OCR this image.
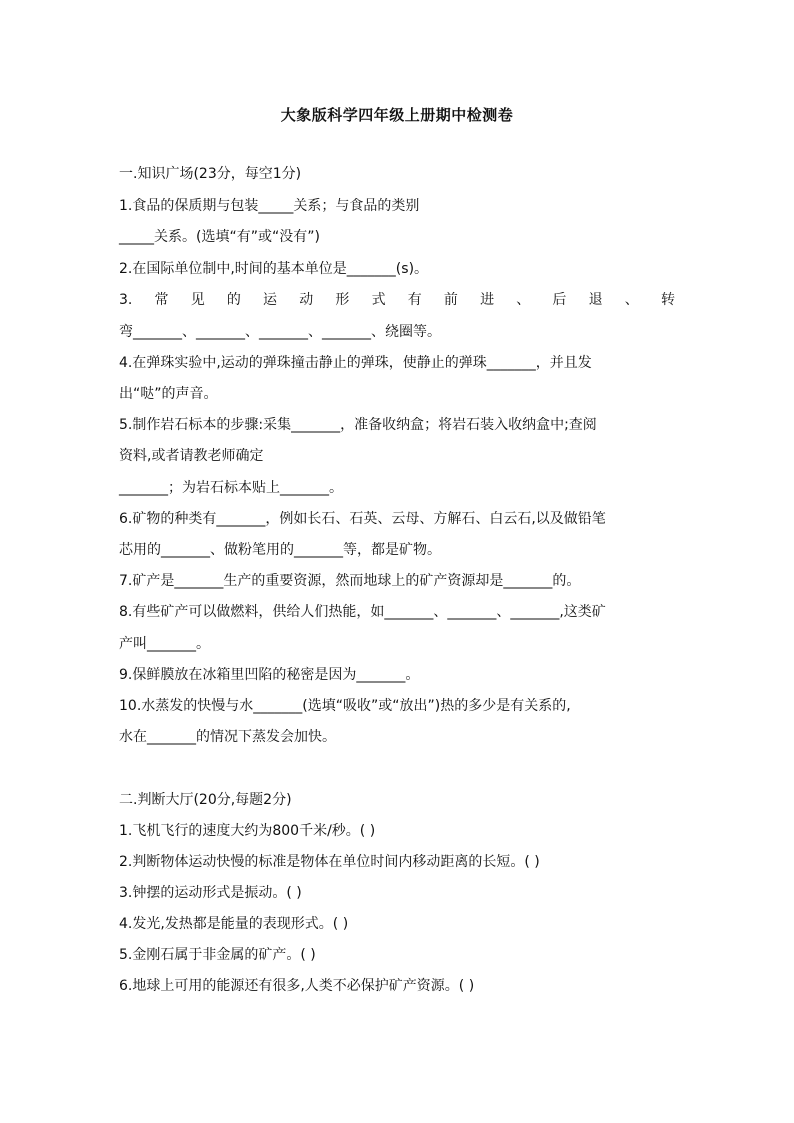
大象版科学四年级上册期中检测卷
一.知识广场(23分，每空1分)
1.食品的保质期与包装_____关系；与食品的类别
_____关系。(选填“有”或“没有”)
2.在国际单位制中,时间的基本单位是_______(s)。
3. 常 见 的 运 动 形 式 有 前 进 、 后 退 、 转
弯_______、_______、_______、_______、绕圈等。
4.在弹珠实验中,运动的弹珠撞击静止的弹珠，使静止的弹珠_______，并且发
出“哒”的声音。
5.制作岩石标本的步骤:采集_______，准备收纳盒；将岩石装入收纳盒中;查阅
资料,或者请教老师确定
_______；为岩石标本贴上_______。
6.矿物的种类有_______，例如长石、石英、云母、方解石、白云石,以及做铅笔
芯用的_______、做粉笔用的_______等，都是矿物。
7.矿产是_______生产的重要资源，然而地球上的矿产资源却是_______的。
8.有些矿产可以做燃料，供给人们热能，如_______、_______、_______,这类矿
产叫_______。
9.保鲜膜放在冰箱里凹陷的秘密是因为_______。
10.水蒸发的快慢与水_______(选填“吸收”或“放出”)热的多少是有关系的,
水在_______的情况下蒸发会加快。
二.判断大厅(20分,每题2分)
1.飞机飞行的速度大约为800千米/秒。( )
2.判断物体运动快慢的标准是物体在单位时间内移动距离的长短。( )
3.钟摆的运动形式是振动。( )
4.发光,发热都是能量的表现形式。( )
5.金刚石属于非金属的矿产。( )
6.地球上可用的能源还有很多,人类不必保护矿产资源。( )
